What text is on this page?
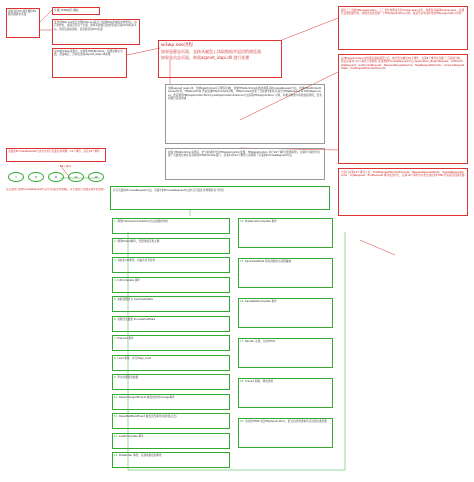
请求到达IIS 浏览器和IIS服务器请求页面
先通过DNS域名 解析
发送到http.sys进行处理(http.sys是专门处理http请求的内核驱动)，由它来转发，看是否有这个页面，如果有就看页面类型(是否是html或者css)，有的话直接读取，没有就返回404页面
在IIS的w3wp进程中，实例化HttpRuntime，如果是静态页面，直接响应，否则发送到aspnet_isapi.dll处理
w3wp.exe进程
如果是静态页面，直接从磁盘上读取数据并返回给浏览器
如果是动态页面，则需aspnet_isapi.dll 进行处理
加载aspnet_isapi.dll，创建AppDomain(应用程序域)，创建HttpRuntime实例并调用其ProcessRequest方法，创建HttpWorkerRequest对象，HttpRuntime 开始创建HttpContext对象，HttpContext封装了当前请求的所有信息(HttpRequest 和 HttpResponse)。然后调用HttpApplicationFactory.GetApplicationInstance方法获取HttpApplication 对象，如果对象池中有则直接使用，没有则通过反射创建
找到 HttpRuntime 实例后，把当前请求交给HttpApplication处理，HttpApplication 执行19个事件(管道事件)，在第8个事件中创建了页面类对象并将其转成IHttpHandler接口，在第11和12个事件之间调用了页面的ProcessRequest方法
通过工厂创建HttpApplication，工厂首先判断是否有Global.asax文件，如果有则编译Global.asax，并通过反射创建对象，如果没有则创建一个HttpApplication对象，最后从对象池中取出HttpApplication对象
在HttpApplication中创建好请求模型之后，就会依次触发19个事件，在第8个事件处创建了 页面类对象，然后在第11-12个事件之间调用 页面类的ProcessRequest方法 Application_BeginRequest、AuthenticateRequest、AuthorizeRequest、ResolveRequestCache、MapRequestHandler、AcquireRequestState、PreRequestHandlerExecute
当执行完第12个事件之后，PostRequestHandlerExecute、ReleaseRequestState、UpdateRequestCache、LogRequest、EndRequest 事件依次执行，在第19个事件中会把生成好的HTML代码返回给浏览器
页面的ProcessRequest方法中会执行页面生命周期：19个事件，以及19个事件
19个事件
1	8	11	12	19
在页面执行的ProcessRequest方法中(页面生命周期)，对页面进行创建及事件的处理	执行页面的ProcessRequest方法，页面中的ProcessRequest方法执行页面生命周期的各个阶段
1. 调用FrameworkInitialize()方法创建控件树
2. 调用PreInit事件，设置母版页和主题
3. 初始化Init事件，初始化所有控件
4. InitComplete 事件
5. 加载视图状态 LoadViewState
6. 加载回发数据 ProcessPostData
7. PreLoad 事件
8. Load 事件，执行Page_Load
9. 再次处理回发数据
10. RaiseChangedEvents 触发控件的change事件
11. RaisePostBackEvent 触发回发事件(如按钮点击)
12. LoadComplete 事件
13. PreRender 事件，呈现前最后的修改
14. PreRenderComplete 事件
15. SaveViewState 保存视图状态到隐藏域
16. SaveStateComplete 事件
17. Render 呈现，生成HTML
18. Unload 卸载，释放资源
19. 生成的HTML交给HttpApplication，经过后续管道事件后返回给浏览器
